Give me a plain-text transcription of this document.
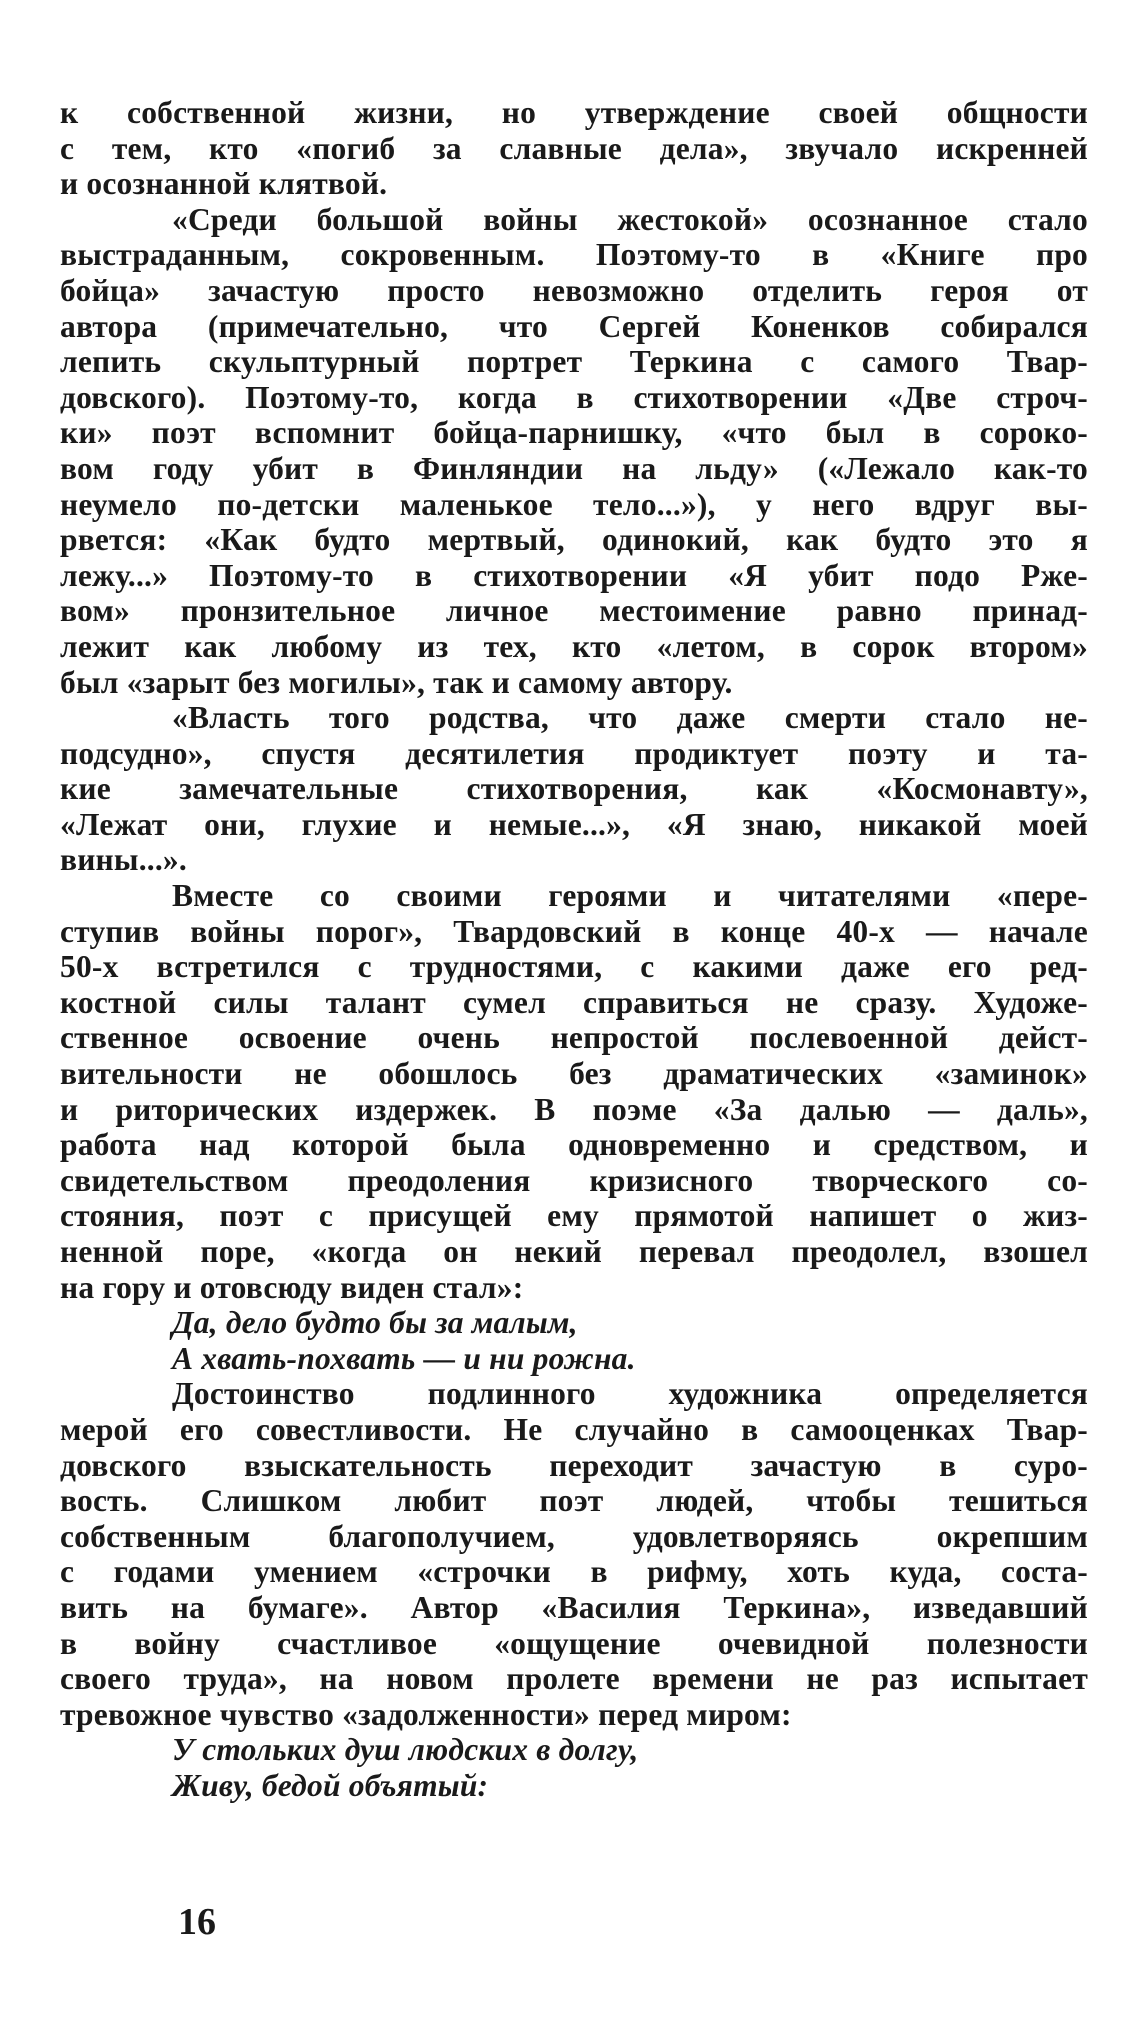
к собственной жизни, но утверждение своей общности
с тем, кто «погиб за славные дела», звучало искренней
и осознанной клятвой.
«Среди большой войны жестокой» осознанное стало
выстраданным, сокровенным. Поэтому-то в «Книге про
бойца» зачастую просто невозможно отделить героя от
автора (примечательно, что Сергей Коненков собирался
лепить скульптурный портрет Теркина с самого Твар-
довского). Поэтому-то, когда в стихотворении «Две строч-
ки» поэт вспомнит бойца-парнишку, «что был в сороко-
вом году убит в Финляндии на льду» («Лежало как-то
неумело по-детски маленькое тело...»), у него вдруг вы-
рвется: «Как будто мертвый, одинокий, как будто это я
лежу...» Поэтому-то в стихотворении «Я убит подо Рже-
вом» пронзительное личное местоимение равно принад-
лежит как любому из тех, кто «летом, в сорок втором»
был «зарыт без могилы», так и самому автору.
«Власть того родства, что даже смерти стало не-
подсудно», спустя десятилетия продиктует поэту и та-
кие замечательные стихотворения, как «Космонавту»,
«Лежат они, глухие и немые...», «Я знаю, никакой моей
вины...».
Вместе со своими героями и читателями «пере-
ступив войны порог», Твардовский в конце 40-х — начале
50-х встретился с трудностями, с какими даже его ред-
костной силы талант сумел справиться не сразу. Художе-
ственное освоение очень непростой послевоенной дейст-
вительности не обошлось без драматических «заминок»
и риторических издержек. В поэме «За далью — даль»,
работа над которой была одновременно и средством, и
свидетельством преодоления кризисного творческого со-
стояния, поэт с присущей ему прямотой напишет о жиз-
ненной поре, «когда он некий перевал преодолел, взошел
на гору и отовсюду виден стал»:
Да, дело будто бы за малым,
А хвать-похвать — и ни рожна.
Достоинство подлинного художника определяется
мерой его совестливости. Не случайно в самооценках Твар-
довского взыскательность переходит зачастую в суро-
вость. Слишком любит поэт людей, чтобы тешиться
собственным благополучием, удовлетворяясь окрепшим
с годами умением «строчки в рифму, хоть куда, соста-
вить на бумаге». Автор «Василия Теркина», изведавший
в войну счастливое «ощущение очевидной полезности
своего труда», на новом пролете времени не раз испытает
тревожное чувство «задолженности» перед миром:
У стольких душ людских в долгу,
Живу, бедой объятый:
16
